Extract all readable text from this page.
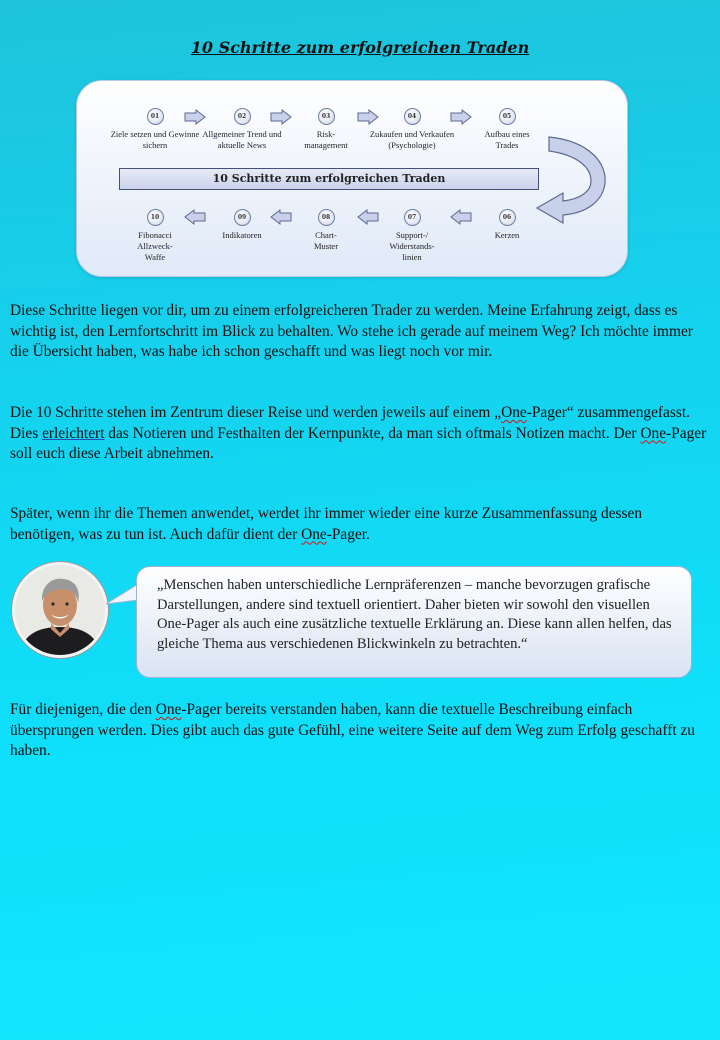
10 Schritte zum erfolgreichen Traden
01
Ziele setzen und Gewinne sichern
02
Allgemeiner Trend und aktuelle News
03
Risk-management
04
Zukaufen und Verkaufen (Psychologie)
05
Aufbau eines Trades
10 Schritte zum erfolgreichen Traden
06
Kerzen
07
Support-/ Widerstands-linien
08
Chart-Muster
09
Indikatoren
10
Fibonacci Allzweck-Waffe

Diese Schritte liegen vor dir, um zu einem erfolgreicheren Trader zu werden. Meine Erfahrung zeigt, dass es wichtig ist, den Lernfortschritt im Blick zu behalten. Wo stehe ich gerade auf meinem Weg? Ich möchte immer die Übersicht haben, was habe ich schon geschafft und was liegt noch vor mir.

Die 10 Schritte stehen im Zentrum dieser Reise und werden jeweils auf einem „One-Pager“ zusammengefasst. Dies erleichtert das Notieren und Festhalten der Kernpunkte, da man sich oftmals Notizen macht. Der One-Pager soll euch diese Arbeit abnehmen.

Später, wenn ihr die Themen anwendet, werdet ihr immer wieder eine kurze Zusammenfassung dessen benötigen, was zu tun ist. Auch dafür dient der One-Pager.

„Menschen haben unterschiedliche Lernpräferenzen – manche bevorzugen grafische Darstellungen, andere sind textuell orientiert. Daher bieten wir sowohl den visuellen One-Pager als auch eine zusätzliche textuelle Erklärung an. Diese kann allen helfen, das gleiche Thema aus verschiedenen Blickwinkeln zu betrachten.“

Für diejenigen, die den One-Pager bereits verstanden haben, kann die textuelle Beschreibung einfach übersprungen werden. Dies gibt auch das gute Gefühl, eine weitere Seite auf dem Weg zum Erfolg geschafft zu haben.
